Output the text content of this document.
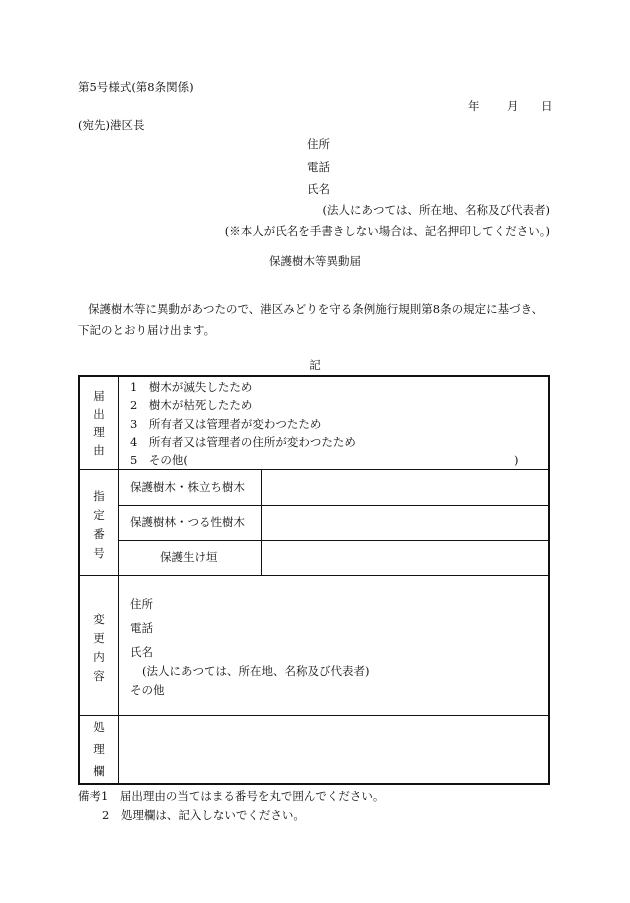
第5号様式(第8条関係)
年 月 日
(宛先)港区長
住所
電話
氏名
(法人にあつては、所在地、名称及び代表者)
(※本人が氏名を手書きしない場合は、記名押印してください。)
保護樹木等異動届
保護樹木等に異動があつたので、港区みどりを守る条例施行規則第8条の規定に基づき、
下記のとおり届け出ます。
記
届
出
理
由
1　樹木が滅失したため
2　樹木が枯死したため
3　所有者又は管理者が変わつたため
4　所有者又は管理者の住所が変わつたため
5　その他(	)
指
定
番
号
保護樹木・株立ち樹木
保護樹林・つる性樹木
保護生け垣
変
更
内
容
住所
電話
氏名
(法人にあつては、所在地、名称及び代表者)
その他
処
理
欄
備考1　届出理由の当てはまる番号を丸で囲んでください。
2　処理欄は、記入しないでください。
